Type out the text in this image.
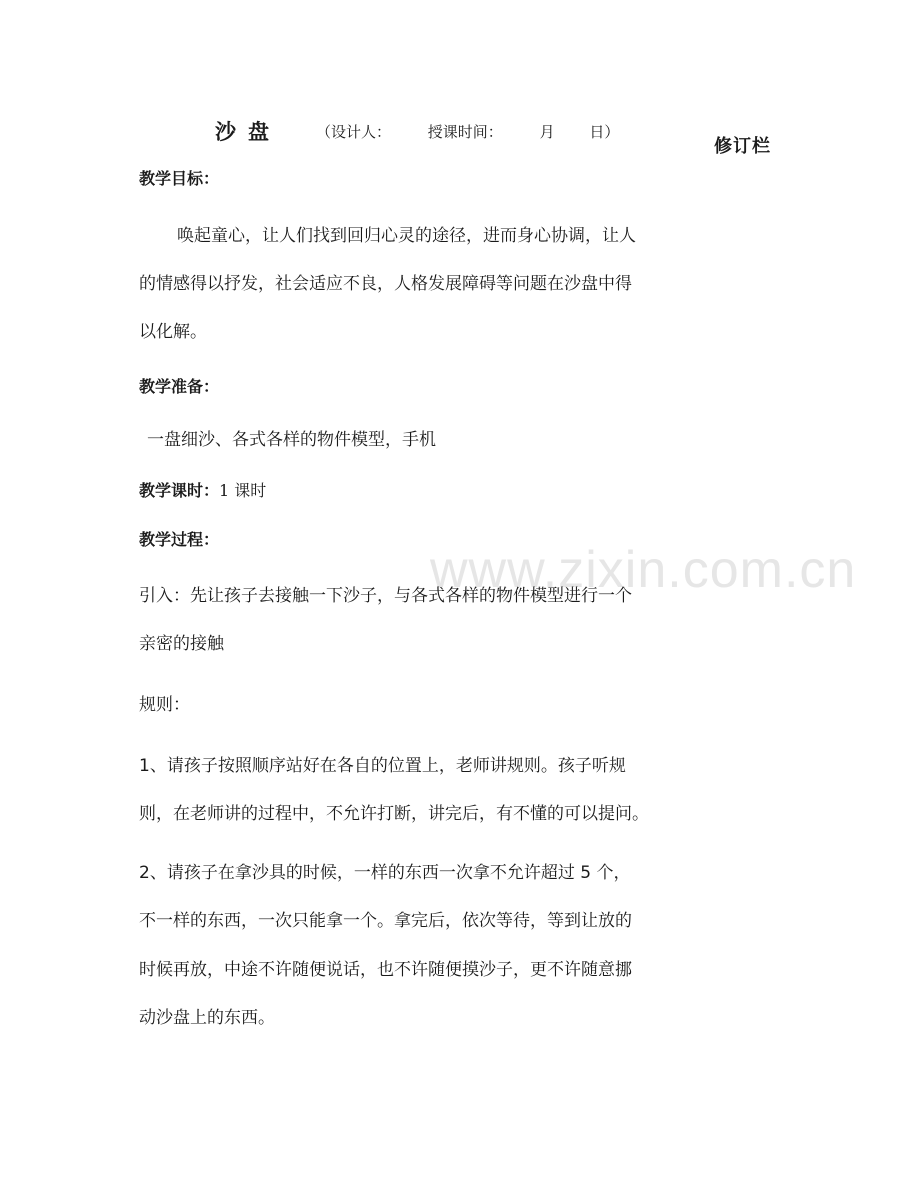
www.zixin.com.cn
沙盘 （设计人： 授课时间： 月 日）
修订栏
教学目标：
唤起童心，让人们找到回归心灵的途径，进而身心协调，让人
的情感得以抒发，社会适应不良，人格发展障碍等问题在沙盘中得
以化解。
教学准备：
一盘细沙、各式各样的物件模型，手机
教学课时：1 课时
教学过程：
引入：先让孩子去接触一下沙子，与各式各样的物件模型进行一个
亲密的接触
规则：
1、请孩子按照顺序站好在各自的位置上，老师讲规则。孩子听规
则，在老师讲的过程中，不允许打断，讲完后，有不懂的可以提问。
2、请孩子在拿沙具的时候，一样的东西一次拿不允许超过 5 个，
不一样的东西，一次只能拿一个。拿完后，依次等待，等到让放的
时候再放，中途不许随便说话，也不许随便摸沙子，更不许随意挪
动沙盘上的东西。
